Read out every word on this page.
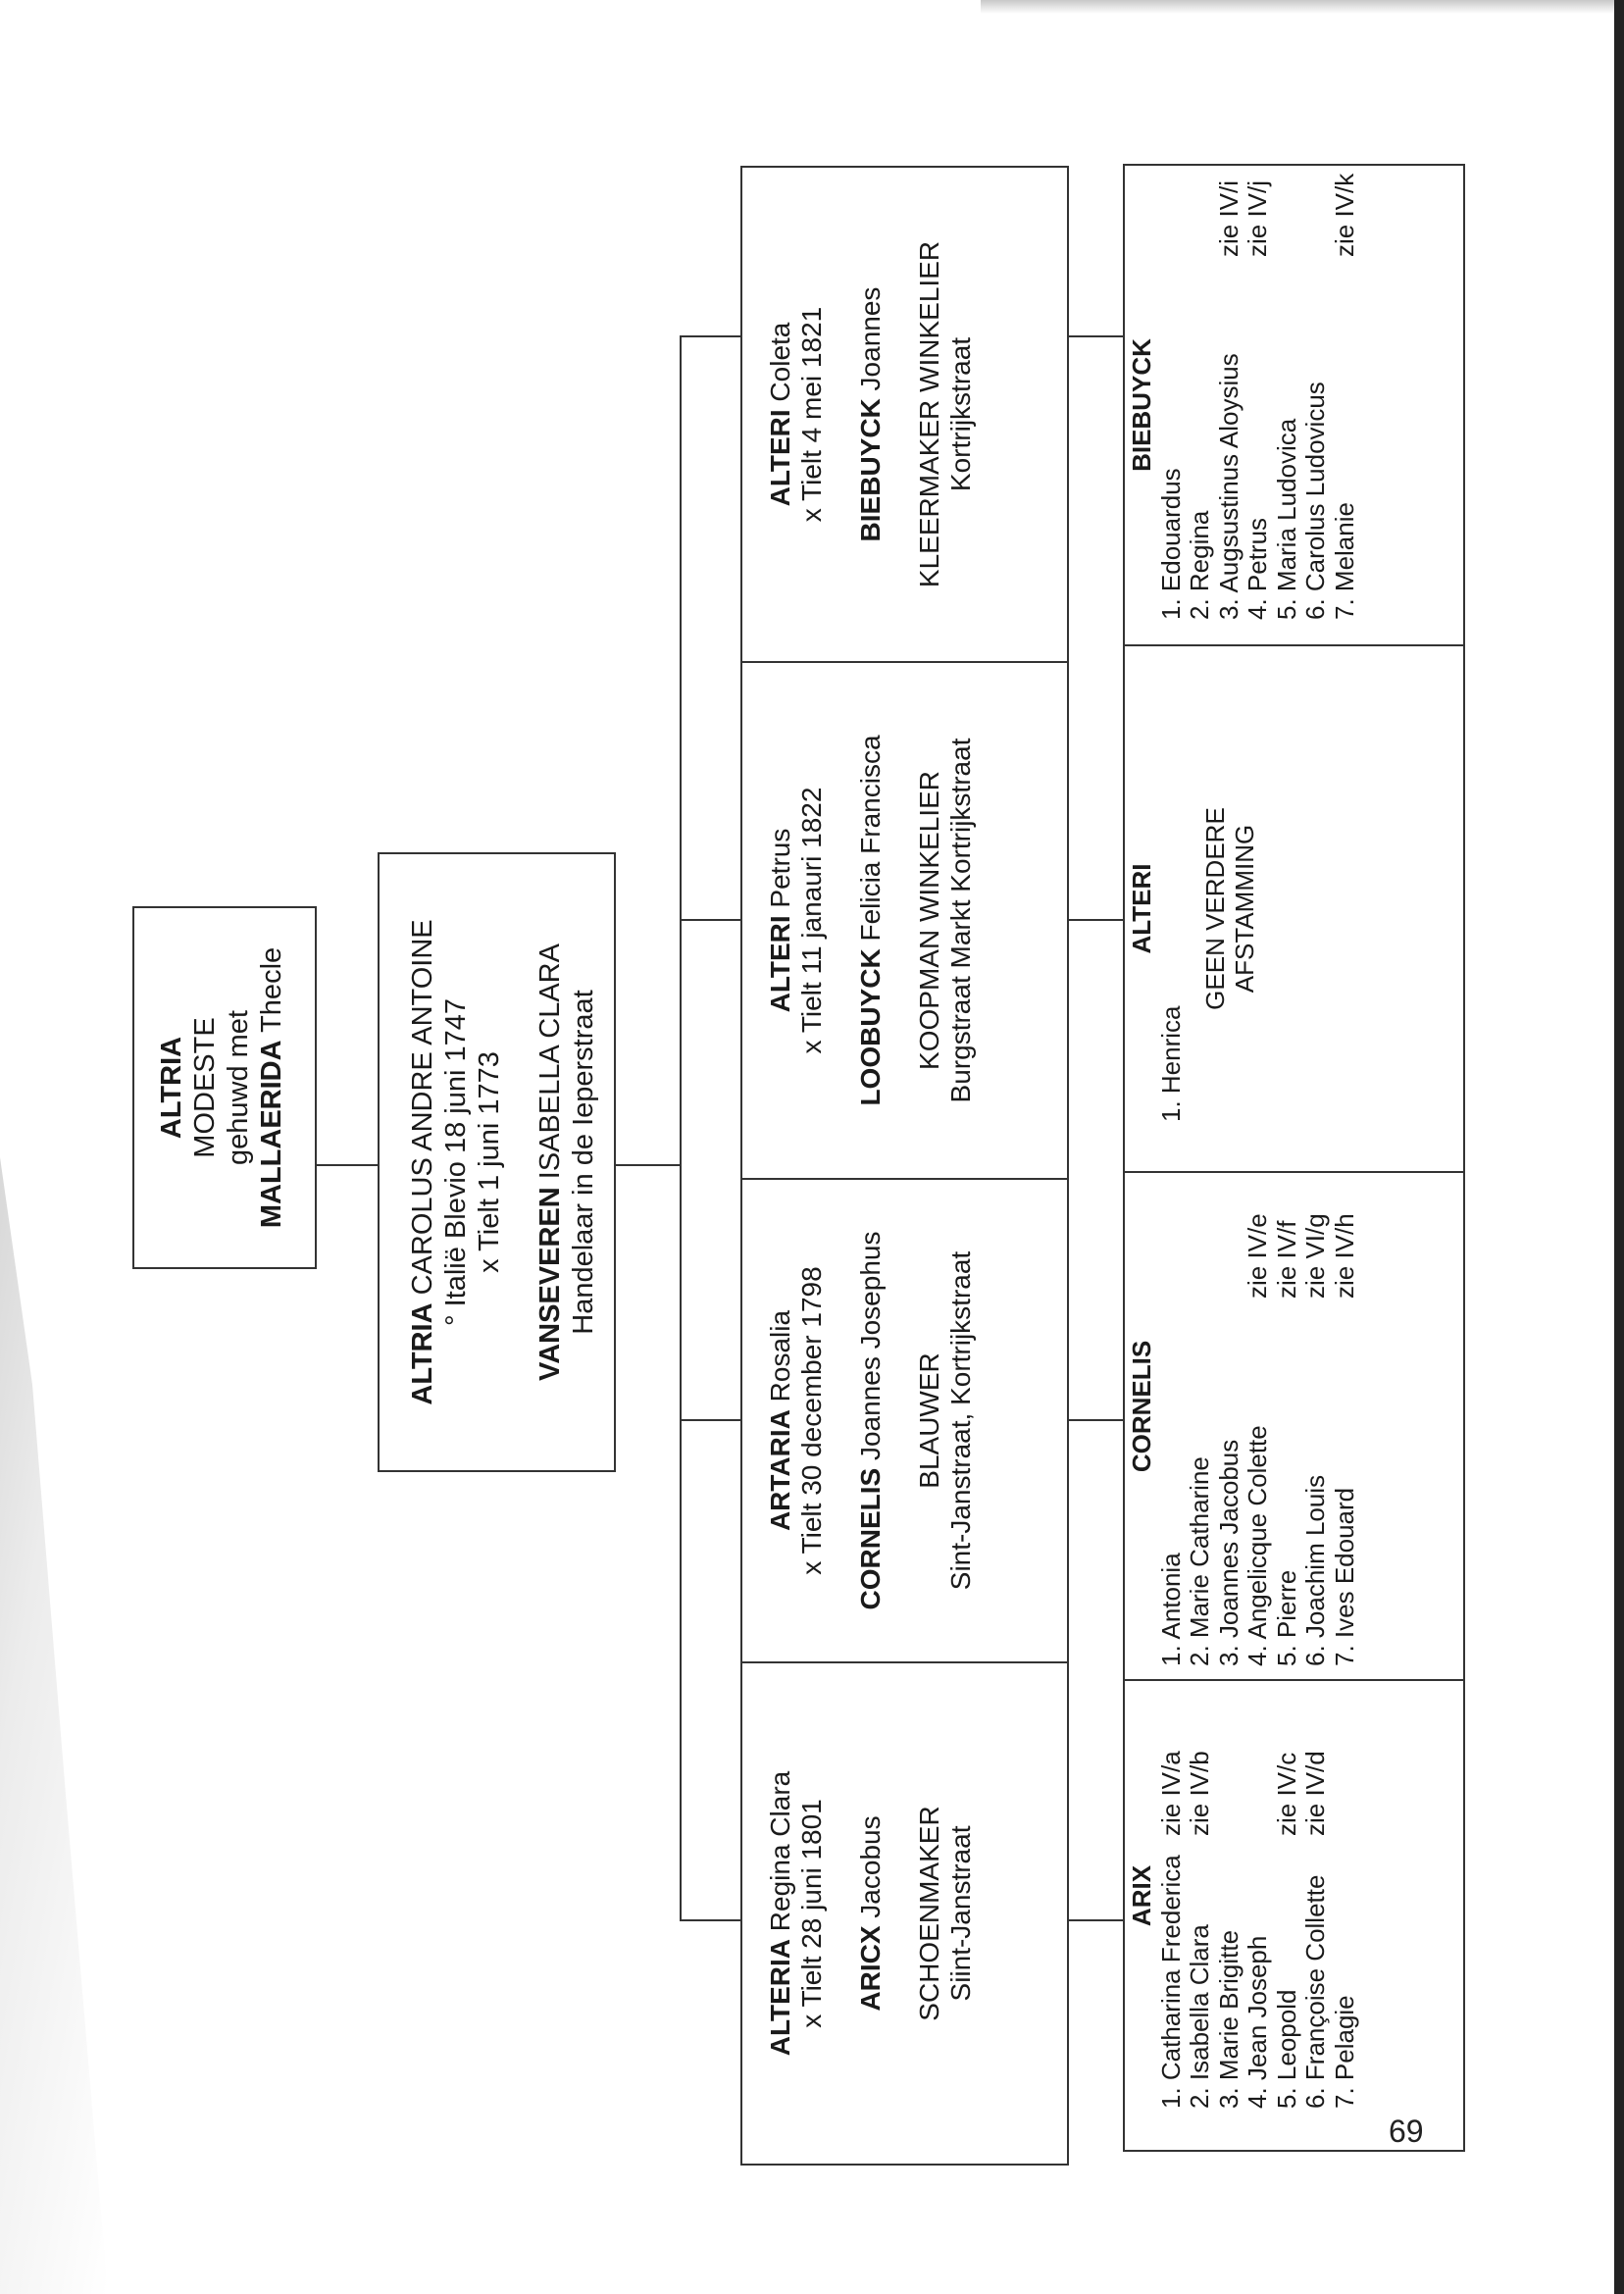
ALTRIA MODESTE gehuwd met MALLAERIDA Thecle
ALTRIA CAROLUS ANDRE ANTOINE ° Italië Blevio 18 juni 1747 x Tielt 1 juni 1773
VANSEVEREN ISABELLA CLARA Handelaar in de Ieperstraat
ALTERIA Regina Clara x Tielt 28 juni 1801 ARICX Jacobus SCHOENMAKER Siint-Janstraat
ARTARIA Rosalia x Tielt 30 december 1798 CORNELIS Joannes Josephus BLAUWER Sint-Janstraat, Kortrijkstraat
ALTERI Petrus x Tielt 11 janauri 1822 LOOBUYCK Felicia Francisca KOOPMAN WINKELIER Burgstraat Markt Kortrijkstraat
ALTERI Coleta x Tielt 4 mei 1821 BIEBUYCK Joannes KLEERMAKER WINKELIER Kortrijkstraat
ARIX 1. Catharina Frederica
zie IV/a
2. Isabella Clara
zie IV/b
3. Marie Brigitte 4. Jean Joseph 5. Leopold
zie IV/c
6. Françoise Collette
zie IV/d
7. Pelagie
CORNELIS
1. Antonia 2. Marie Catharine 3. Joannes Jacobus 4. Angelicque Colette
zie IV/e
5. Pierre
zie IV/f
6. Joachim Louis
zie VI/g
7. Ives Edouard
zie IV/h
ALTERI
1. Henrica
GEEN VERDERE AFSTAMMING
BIEBUYCK
1. Edouardus 2. Regina 3. Augsustinus Aloysius
zie IV/i
4. Petrus
zie IV/j
5. Maria Ludovica 6. Carolus Ludovicus 7. Melanie
zie IV/k
69
